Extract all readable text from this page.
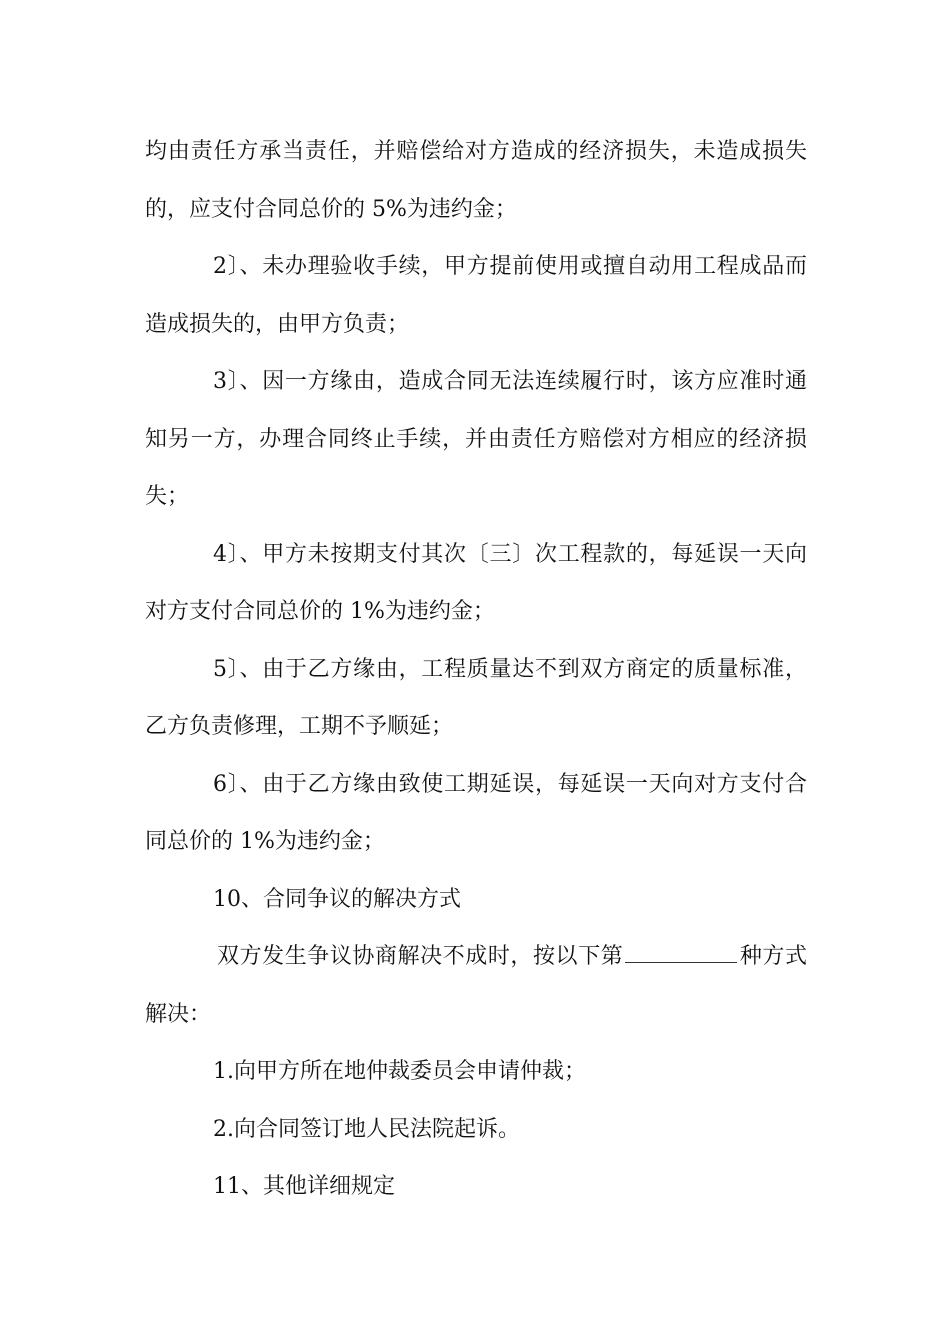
均由责任方承当责任，并赔偿给对方造成的经济损失，未造成损失
的，应支付合同总价的 5%为违约金；
2〕、未办理验收手续，甲方提前使用或擅自动用工程成品而
造成损失的，由甲方负责；
3〕、因一方缘由，造成合同无法连续履行时，该方应准时通
知另一方，办理合同终止手续，并由责任方赔偿对方相应的经济损
失；
4〕、甲方未按期支付其次〔三〕次工程款的，每延误一天向
对方支付合同总价的 1%为违约金；
5〕、由于乙方缘由，工程质量达不到双方商定的质量标准，
乙方负责修理，工期不予顺延；
6〕、由于乙方缘由致使工期延误，每延误一天向对方支付合
同总价的 1%为违约金；
10、合同争议的解决方式
双方发生争议协商解决不成时，按以下第	种方式
解决：
1.向甲方所在地仲裁委员会申请仲裁；
2.向合同签订地人民法院起诉。
11、其他详细规定
